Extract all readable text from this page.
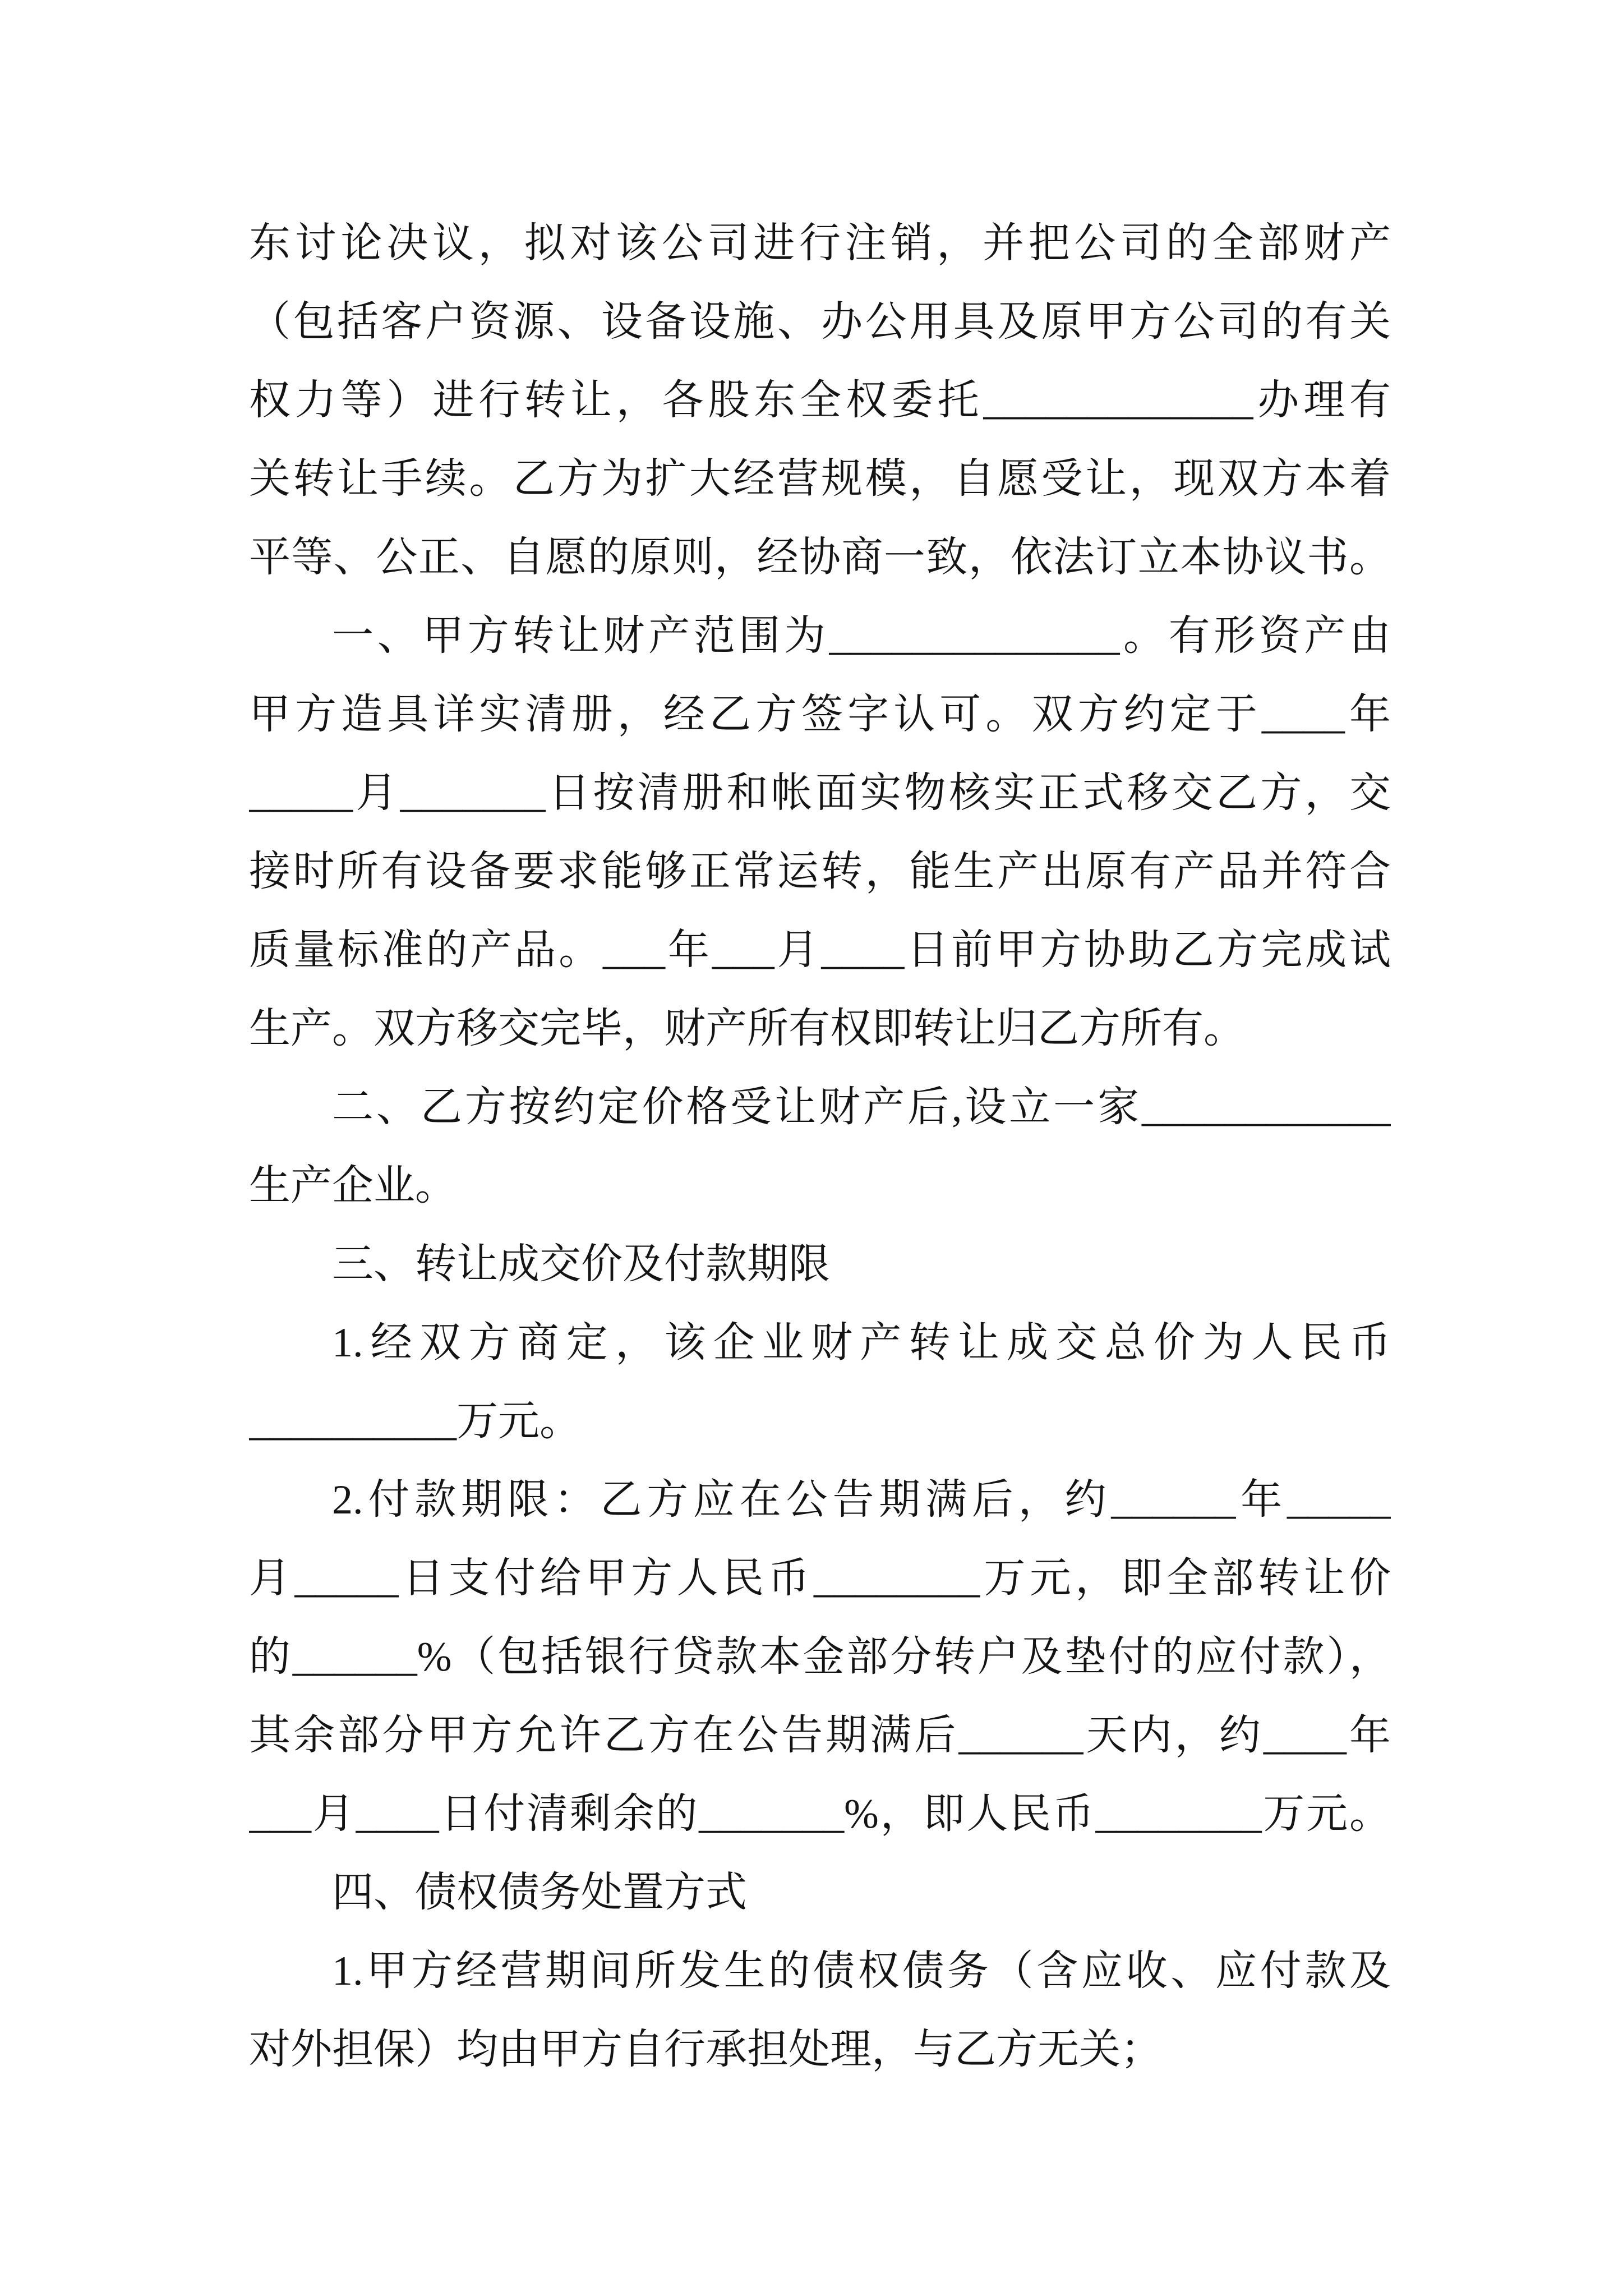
东讨论决议，拟对该公司进行注销，并把公司的全部财产
（包括客户资源、设备设施、办公用具及原甲方公司的有关
权力等）进行转让，各股东全权委托_____________办理有
关转让手续。乙方为扩大经营规模，自愿受让，现双方本着
平等、公正、自愿的原则，经协商一致，依法订立本协议书。
一、甲方转让财产范围为______________。有形资产由
甲方造具详实清册，经乙方签字认可。双方约定于____年
_____月_______日按清册和帐面实物核实正式移交乙方，交
接时所有设备要求能够正常运转，能生产出原有产品并符合
质量标准的产品。___年___月____日前甲方协助乙方完成试
生产。双方移交完毕，财产所有权即转让归乙方所有。
二、乙方按约定价格受让财产后,设立一家____________
生产企业。
三、转让成交价及付款期限
1.经双方商定，该企业财产转让成交总价为人民币
__________万元。
2.付款期限：乙方应在公告期满后，约______年_____
月_____日支付给甲方人民币________万元，即全部转让价
的______%（包括银行贷款本金部分转户及垫付的应付款），
其余部分甲方允许乙方在公告期满后______天内，约____年
___月____日付清剩余的_______%，即人民币________万元。
四、债权债务处置方式
1.甲方经营期间所发生的债权债务（含应收、应付款及
对外担保）均由甲方自行承担处理，与乙方无关；
